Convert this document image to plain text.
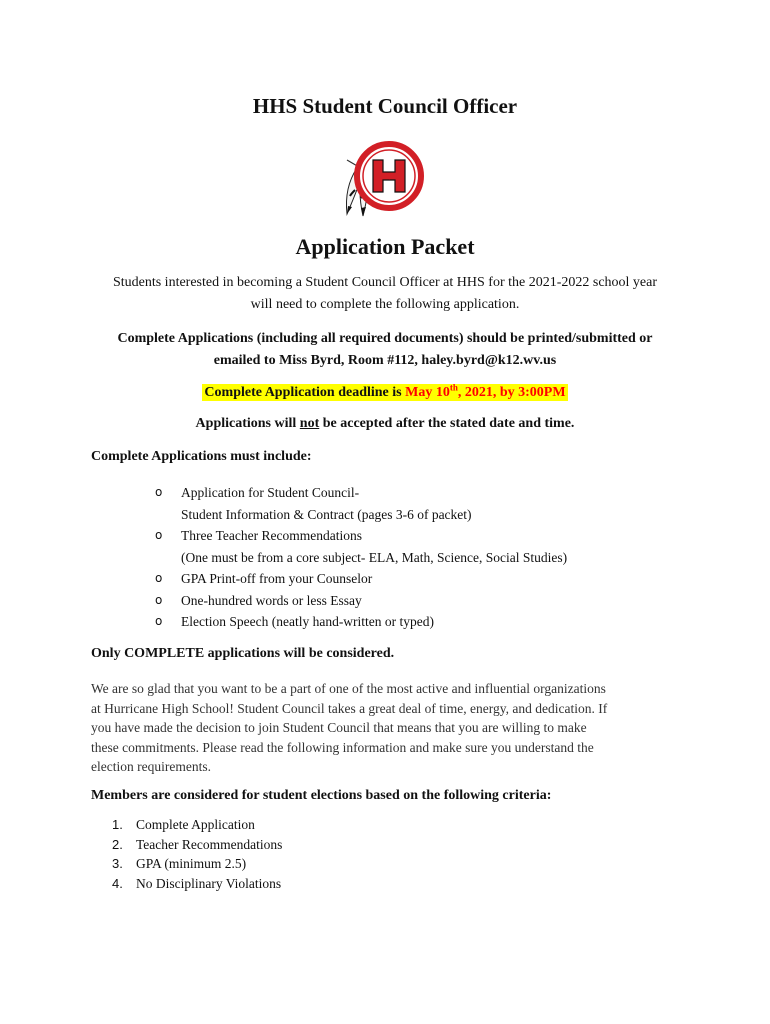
HHS Student Council Officer
H
Application Packet
Students interested in becoming a Student Council Officer at HHS for the 2021-2022 school year
will need to complete the following application.
Complete Applications (including all required documents) should be printed/submitted or
emailed to Miss Byrd, Room #112, haley.byrd@k12.wv.us
Complete Application deadline is May 10th, 2021, by 3:00PM
Applications will not be accepted after the stated date and time.
Complete Applications must include:
o	Application for Student Council-
Student Information & Contract (pages 3-6 of packet)
o	Three Teacher Recommendations
(One must be from a core subject- ELA, Math, Science, Social Studies)
o	GPA Print-off from your Counselor
o	One-hundred words or less Essay
o	Election Speech (neatly hand-written or typed)
Only COMPLETE applications will be considered.
We are so glad that you want to be a part of one of the most active and influential organizations
at Hurricane High School! Student Council takes a great deal of time, energy, and dedication. If
you have made the decision to join Student Council that means that you are willing to make
these commitments. Please read the following information and make sure you understand the
election requirements.
Members are considered for student elections based on the following criteria:
1. Complete Application
2. Teacher Recommendations
3. GPA (minimum 2.5)
4. No Disciplinary Violations
